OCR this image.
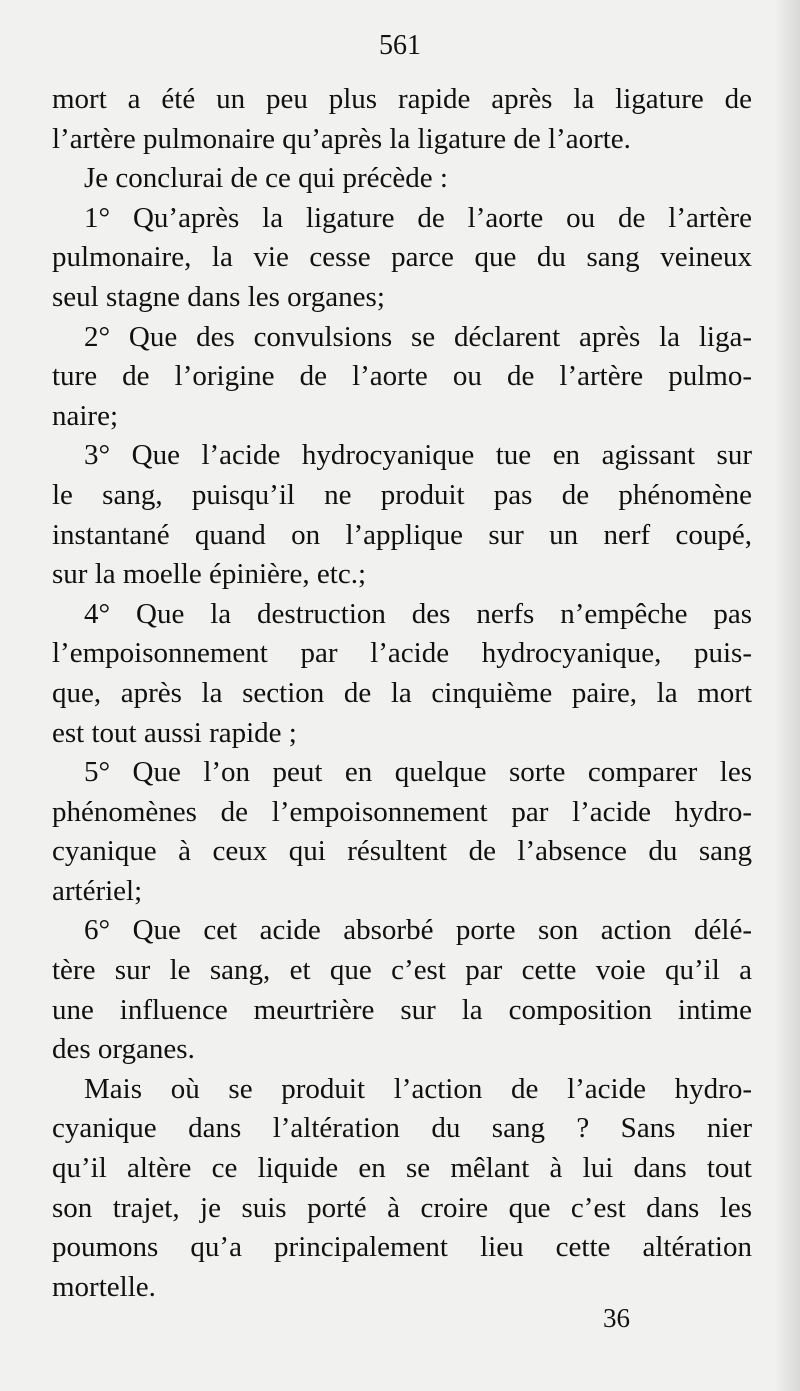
561
mort a été un peu plus rapide après la ligature de
l’artère pulmonaire qu’après la ligature de l’aorte.
Je conclurai de ce qui précède :
1° Qu’après la ligature de l’aorte ou de l’artère
pulmonaire, la vie cesse parce que du sang veineux
seul stagne dans les organes;
2° Que des convulsions se déclarent après la liga-
ture de l’origine de l’aorte ou de l’artère pulmo-
naire;
3° Que l’acide hydrocyanique tue en agissant sur
le sang, puisqu’il ne produit pas de phénomène
instantané quand on l’applique sur un nerf coupé,
sur la moelle épinière, etc.;
4° Que la destruction des nerfs n’empêche pas
l’empoisonnement par l’acide hydrocyanique, puis-
que, après la section de la cinquième paire, la mort
est tout aussi rapide ;
5° Que l’on peut en quelque sorte comparer les
phénomènes de l’empoisonnement par l’acide hydro-
cyanique à ceux qui résultent de l’absence du sang
artériel;
6° Que cet acide absorbé porte son action délé-
tère sur le sang, et que c’est par cette voie qu’il a
une influence meurtrière sur la composition intime
des organes.
Mais où se produit l’action de l’acide hydro-
cyanique dans l’altération du sang ? Sans nier
qu’il altère ce liquide en se mêlant à lui dans tout
son trajet, je suis porté à croire que c’est dans les
poumons qu’a principalement lieu cette altération
mortelle.
36
